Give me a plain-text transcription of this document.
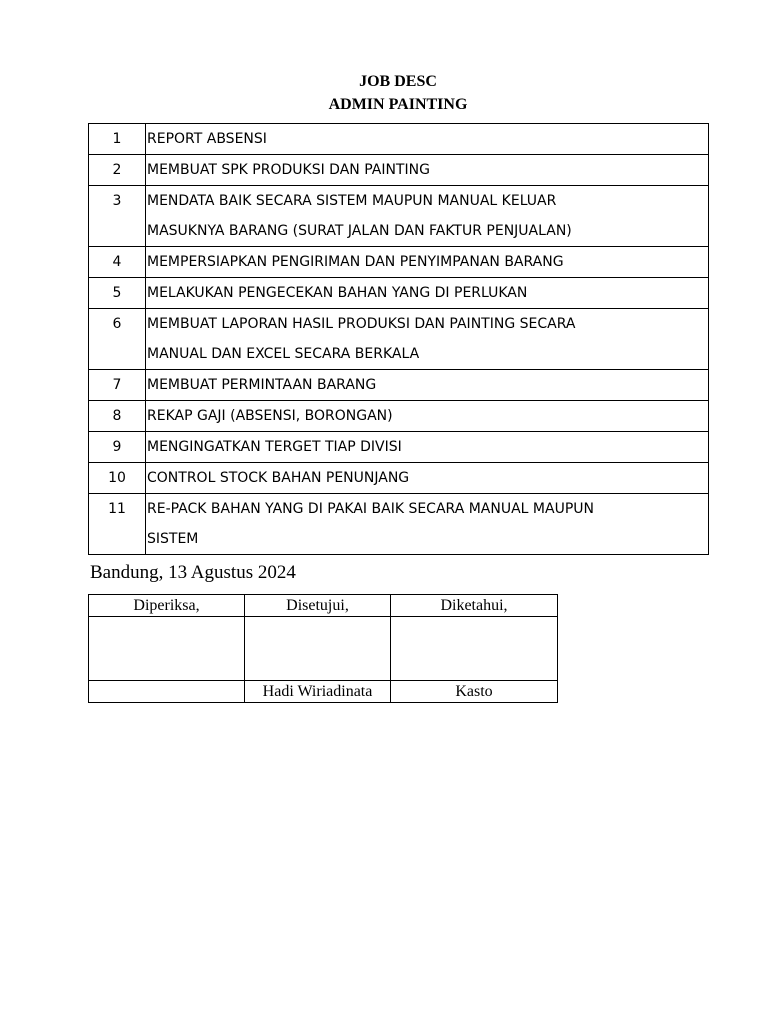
JOB DESC
ADMIN PAINTING
1	REPORT ABSENSI

2	MEMBUAT SPK PRODUKSI DAN PAINTING

3	MENDATA BAIK SECARA SISTEM MAUPUN MANUAL KELUAR
MASUKNYA BARANG (SURAT JALAN DAN FAKTUR PENJUALAN)

4	MEMPERSIAPKAN PENGIRIMAN DAN PENYIMPANAN BARANG

5	MELAKUKAN PENGECEKAN BAHAN YANG DI PERLUKAN

6	MEMBUAT LAPORAN HASIL PRODUKSI DAN PAINTING SECARA
MANUAL DAN EXCEL SECARA BERKALA

7	MEMBUAT PERMINTAAN BARANG

8	REKAP GAJI (ABSENSI, BORONGAN)

9	MENGINGATKAN TERGET TIAP DIVISI

10	CONTROL STOCK BAHAN PENUNJANG

11	RE-PACK BAHAN YANG DI PAKAI BAIK SECARA MANUAL MAUPUN
SISTEM
Bandung, 13 Agustus 2024
Diperiksa,	Disetujui,	Diketahui,

	Hadi Wiriadinata	Kasto
